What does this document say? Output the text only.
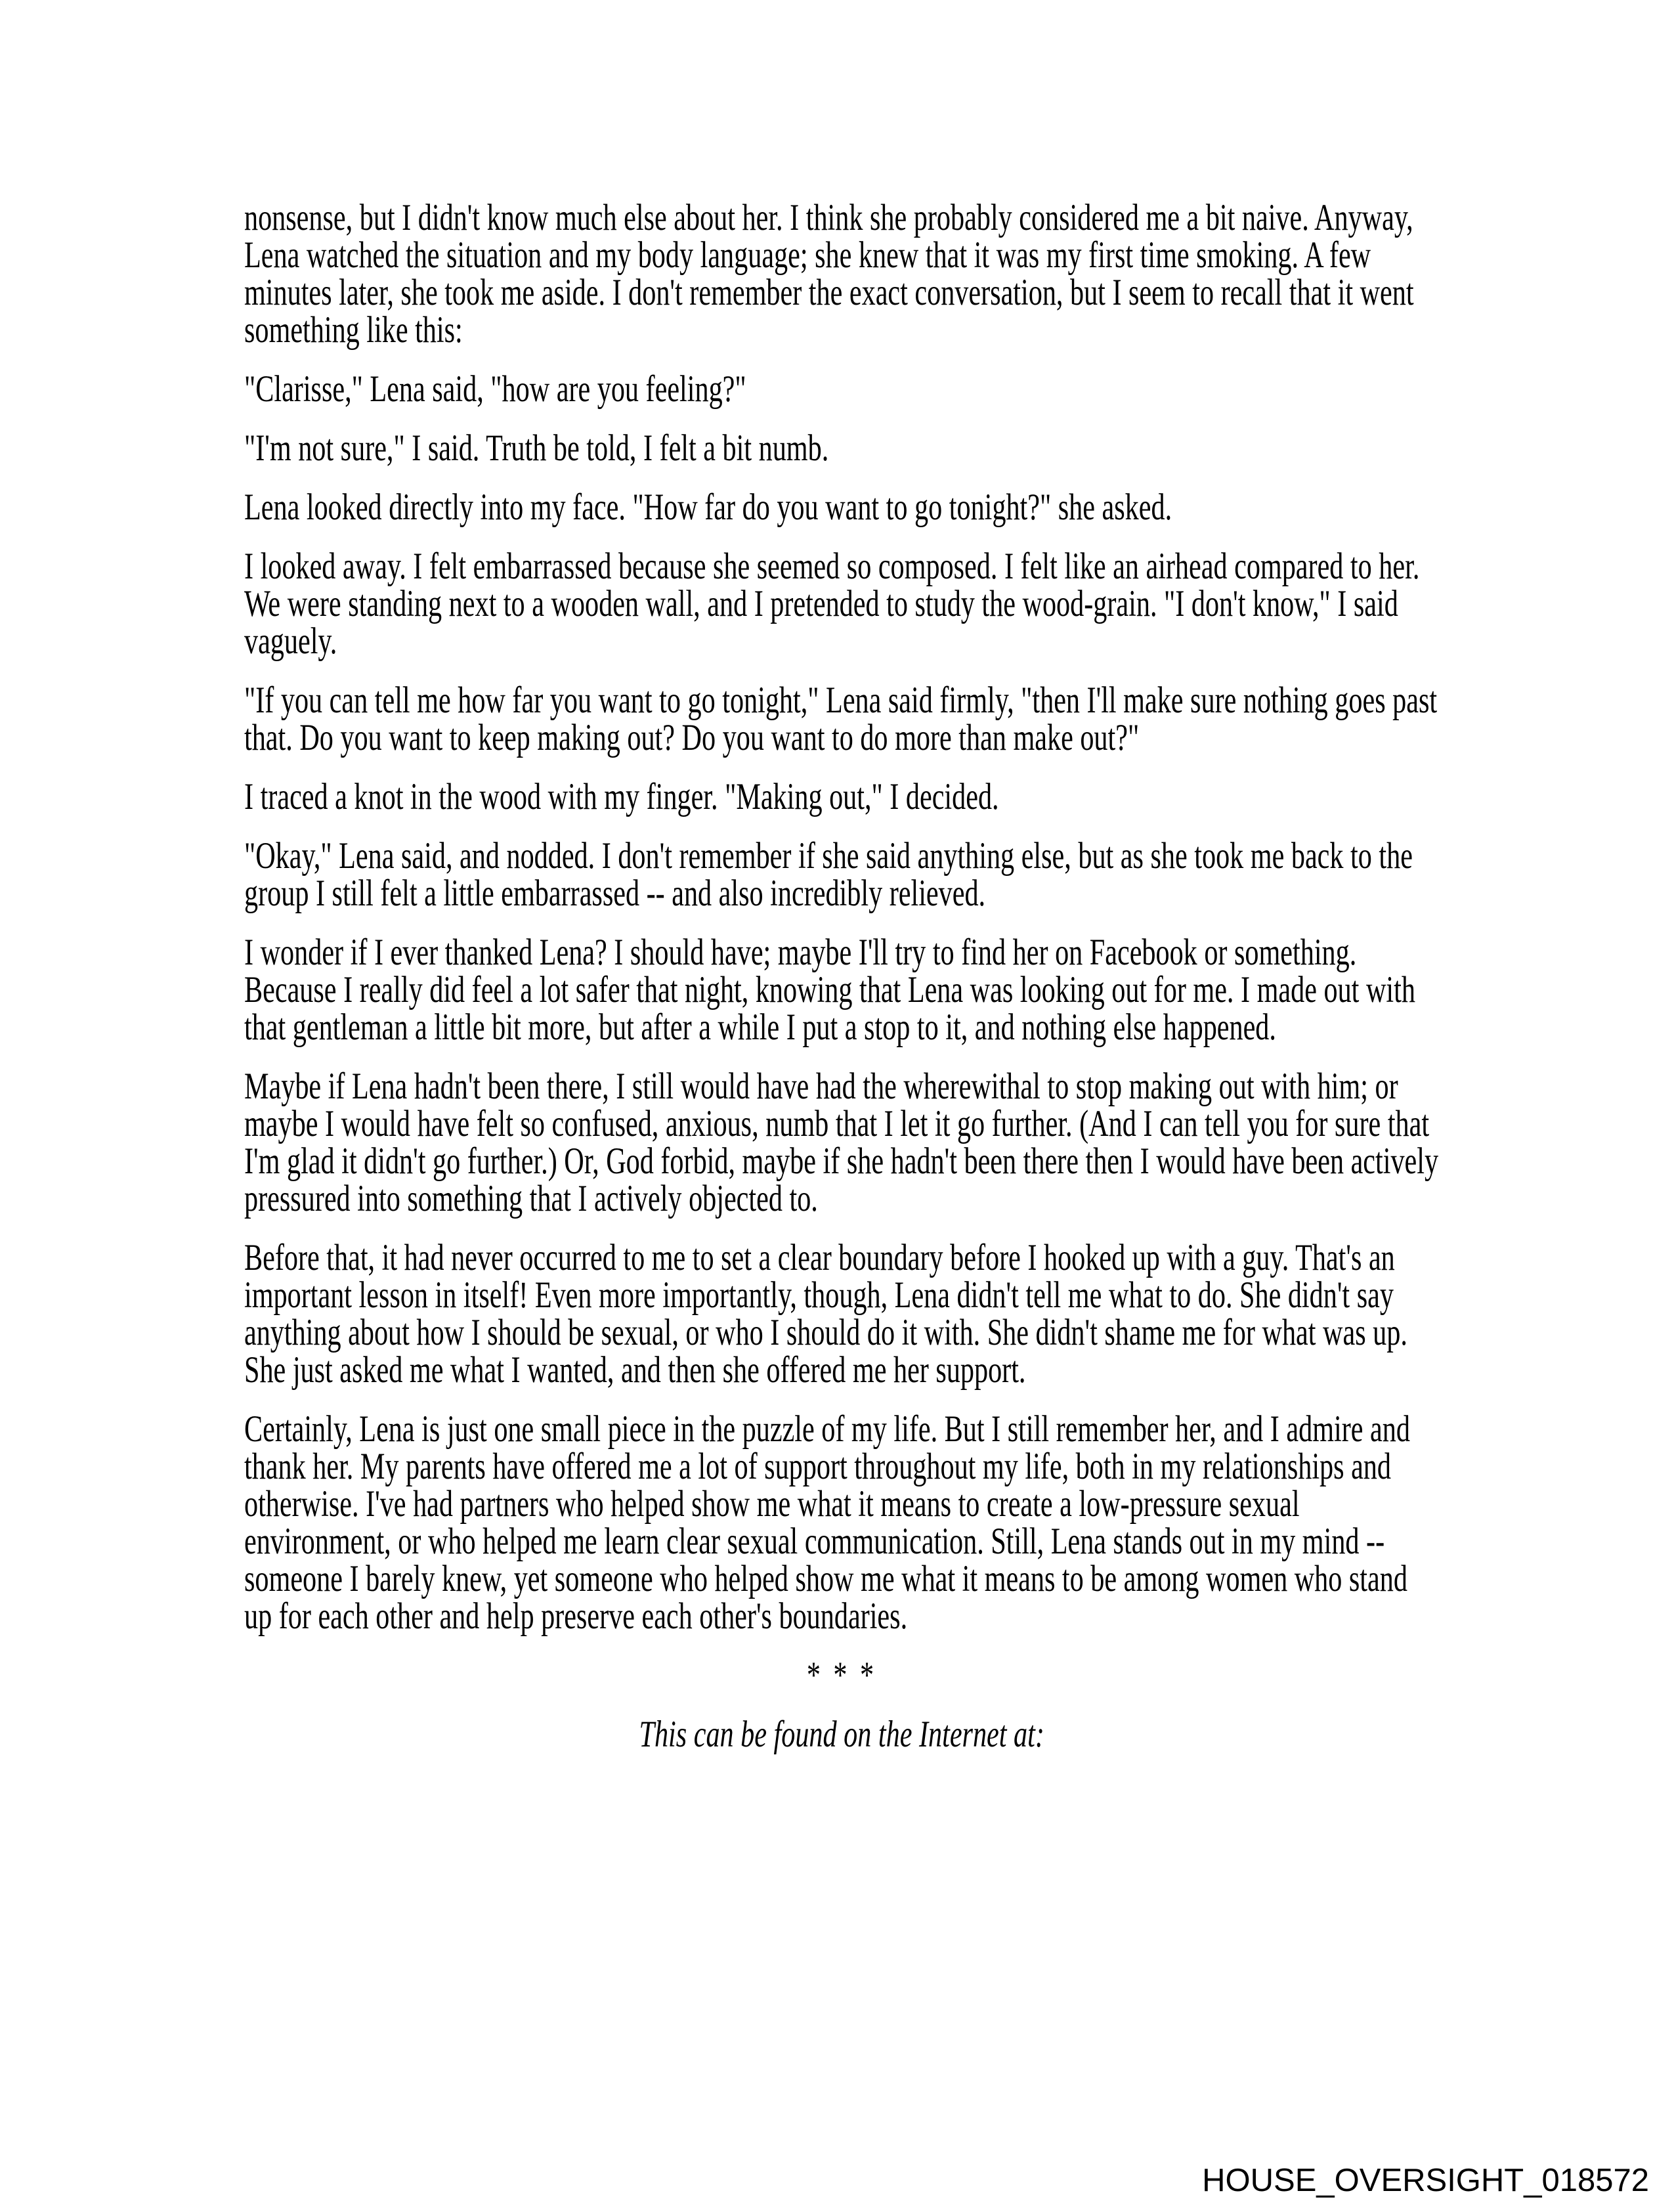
nonsense, but I didn't know much else about her. I think she probably considered me a bit naive. Anyway, Lena watched the situation and my body language; she knew that it was my first time smoking. A few minutes later, she took me aside. I don't remember the exact conversation, but I seem to recall that it went something like this:

"Clarisse," Lena said, "how are you feeling?"

"I'm not sure," I said. Truth be told, I felt a bit numb.

Lena looked directly into my face. "How far do you want to go tonight?" she asked.

I looked away. I felt embarrassed because she seemed so composed. I felt like an airhead compared to her. We were standing next to a wooden wall, and I pretended to study the wood-grain. "I don't know," I said vaguely.

"If you can tell me how far you want to go tonight," Lena said firmly, "then I'll make sure nothing goes past that. Do you want to keep making out? Do you want to do more than make out?"

I traced a knot in the wood with my finger. "Making out," I decided.

"Okay," Lena said, and nodded. I don't remember if she said anything else, but as she took me back to the group I still felt a little embarrassed -- and also incredibly relieved.

I wonder if I ever thanked Lena? I should have; maybe I'll try to find her on Facebook or something. Because I really did feel a lot safer that night, knowing that Lena was looking out for me. I made out with that gentleman a little bit more, but after a while I put a stop to it, and nothing else happened.

Maybe if Lena hadn't been there, I still would have had the wherewithal to stop making out with him; or maybe I would have felt so confused, anxious, numb that I let it go further. (And I can tell you for sure that I'm glad it didn't go further.) Or, God forbid, maybe if she hadn't been there then I would have been actively pressured into something that I actively objected to.

Before that, it had never occurred to me to set a clear boundary before I hooked up with a guy. That's an important lesson in itself! Even more importantly, though, Lena didn't tell me what to do. She didn't say anything about how I should be sexual, or who I should do it with. She didn't shame me for what was up. She just asked me what I wanted, and then she offered me her support.

Certainly, Lena is just one small piece in the puzzle of my life. But I still remember her, and I admire and thank her. My parents have offered me a lot of support throughout my life, both in my relationships and otherwise. I've had partners who helped show me what it means to create a low-pressure sexual environment, or who helped me learn clear sexual communication. Still, Lena stands out in my mind -- someone I barely knew, yet someone who helped show me what it means to be among women who stand up for each other and help preserve each other's boundaries.

* * *

This can be found on the Internet at:

HOUSE_OVERSIGHT_018572
